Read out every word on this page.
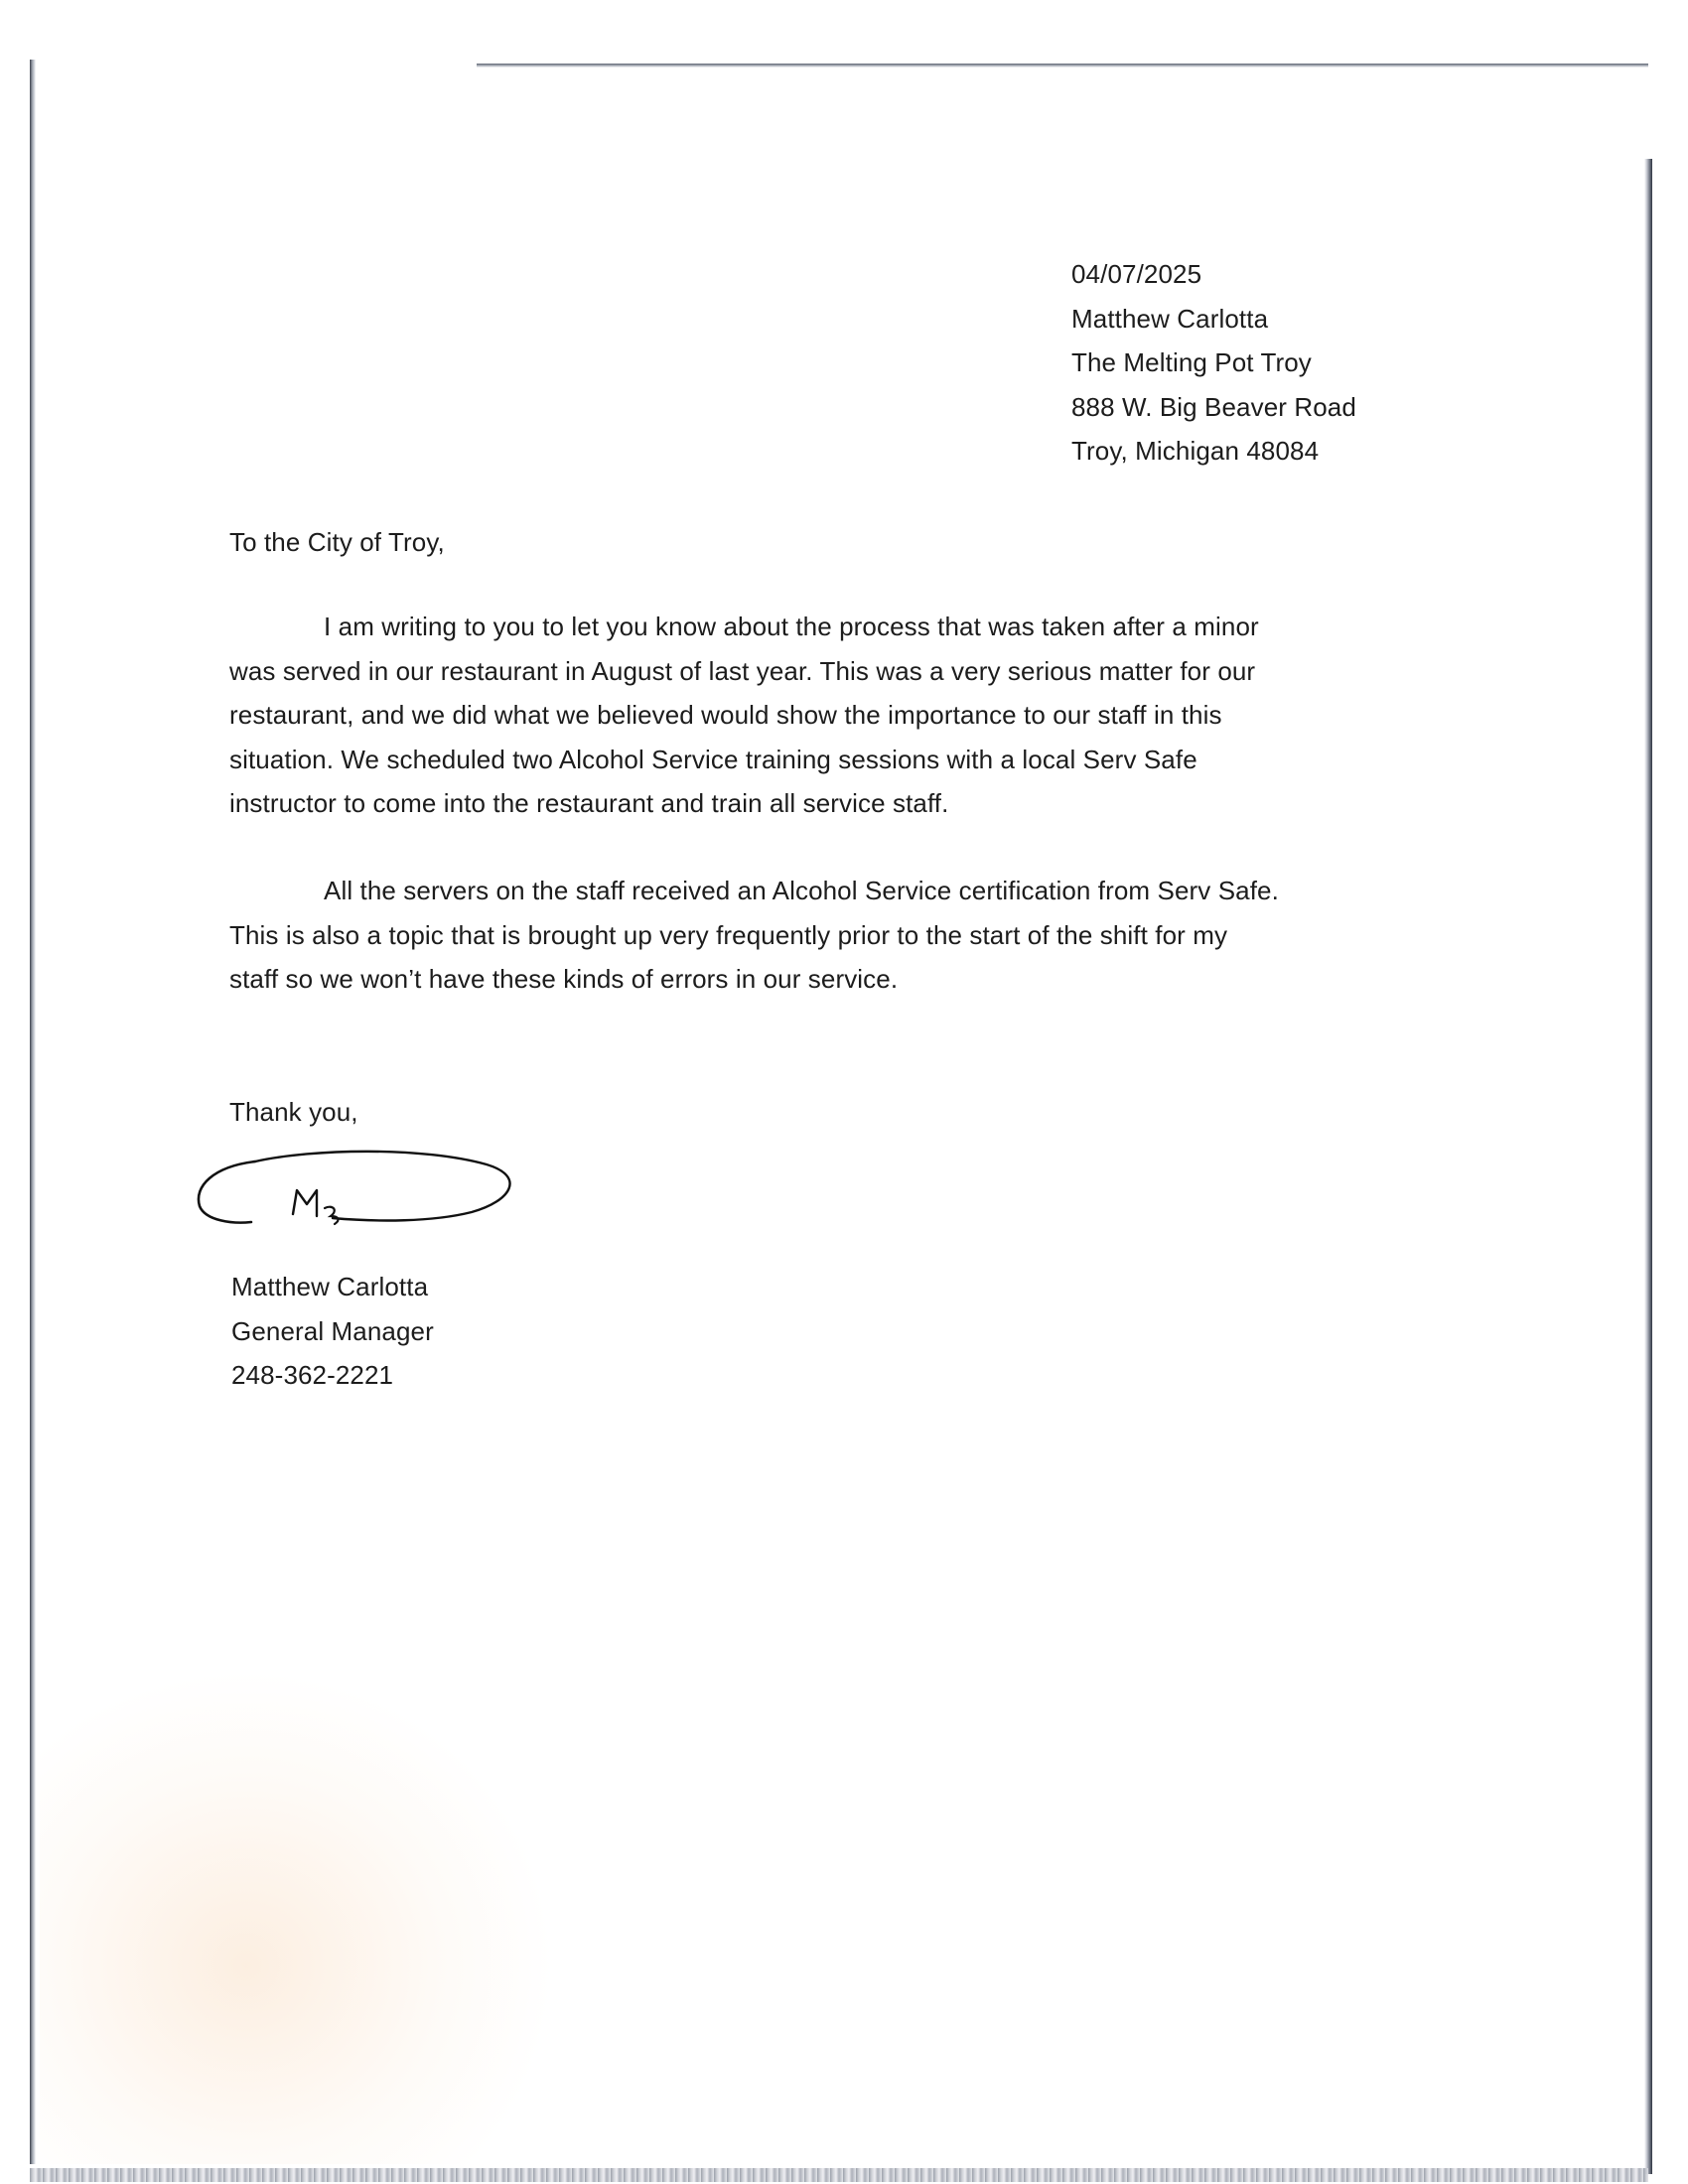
04/07/2025
Matthew Carlotta
The Melting Pot Troy
888 W. Big Beaver Road
Troy, Michigan 48084
To the City of Troy,
I am writing to you to let you know about the process that was taken after a minor
was served in our restaurant in August of last year. This was a very serious matter for our
restaurant, and we did what we believed would show the importance to our staff in this
situation. We scheduled two Alcohol Service training sessions with a local Serv Safe
instructor to come into the restaurant and train all service staff.
All the servers on the staff received an Alcohol Service certification from Serv Safe.
This is also a topic that is brought up very frequently prior to the start of the shift for my
staff so we won’t have these kinds of errors in our service.
Thank you,
Matthew Carlotta
General Manager
248-362-2221
